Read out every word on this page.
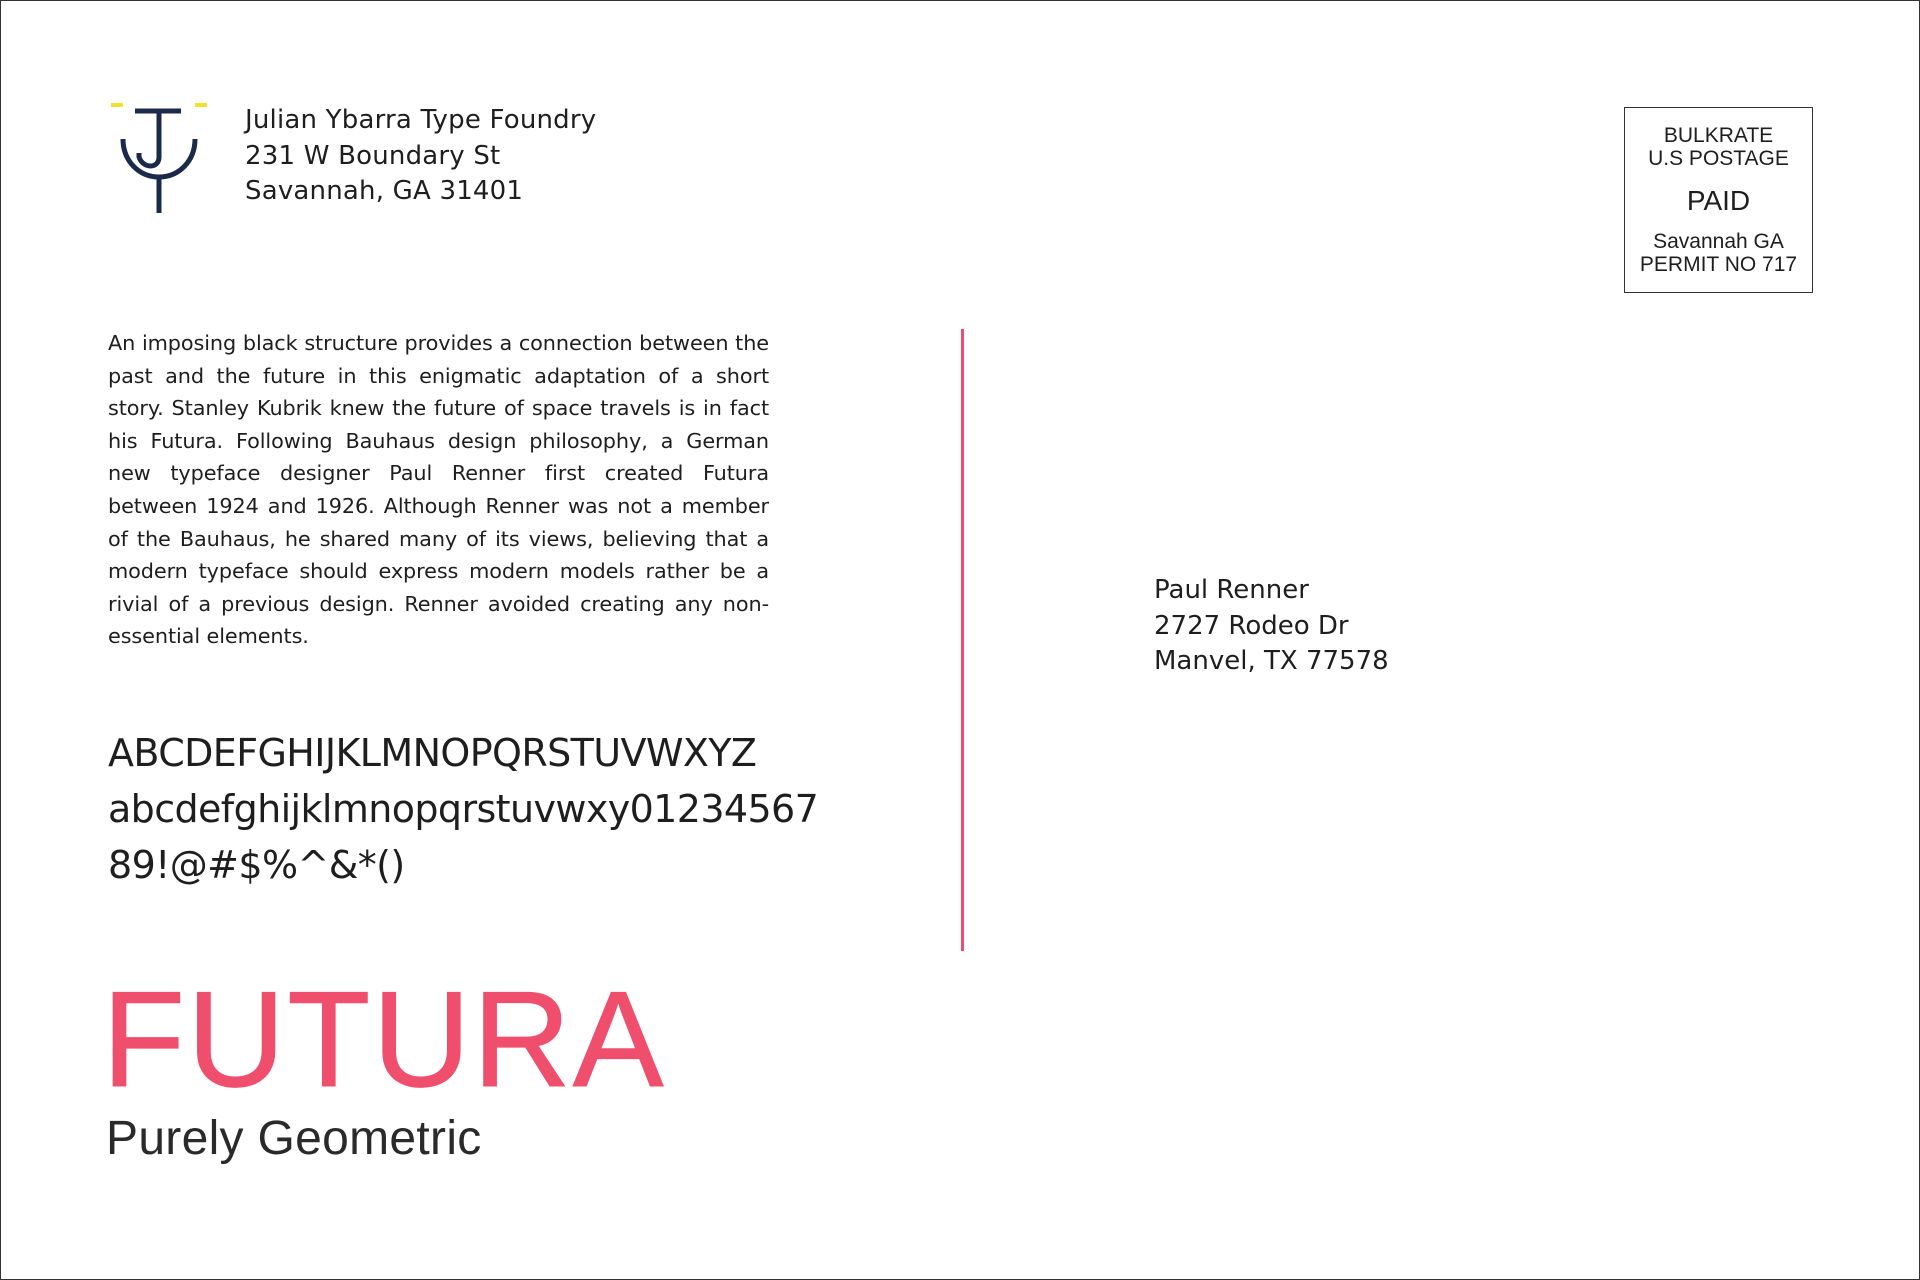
Julian Ybarra Type Foundry
231 W Boundary St
Savannah, GA 31401
BULKRATE
U.S POSTAGE
PAID
Savannah GA
PERMIT NO 717

An imposing black structure provides a connection between the past and the future in this enigmatic adaptation of a short story. Stanley Kubrik knew the future of space travels is in fact his Futura. Following Bauhaus design philosophy, a German new typeface designer Paul Renner first created Futura between 1924 and 1926. Although Renner was not a member of the Bauhaus, he shared many of its views, believing that a modern typeface should express modern models rather be a rivial of a previous design. Renner avoided creating any non-essential elements.

ABCDEFGHIJKLMNOPQRSTUVWXYZ
abcdefghijklmnopqrstuvwxy01234567
89!@#$%^&*()
Paul Renner
2727 Rodeo Dr
Manvel, TX 77578
FUTURA
Purely Geometric
